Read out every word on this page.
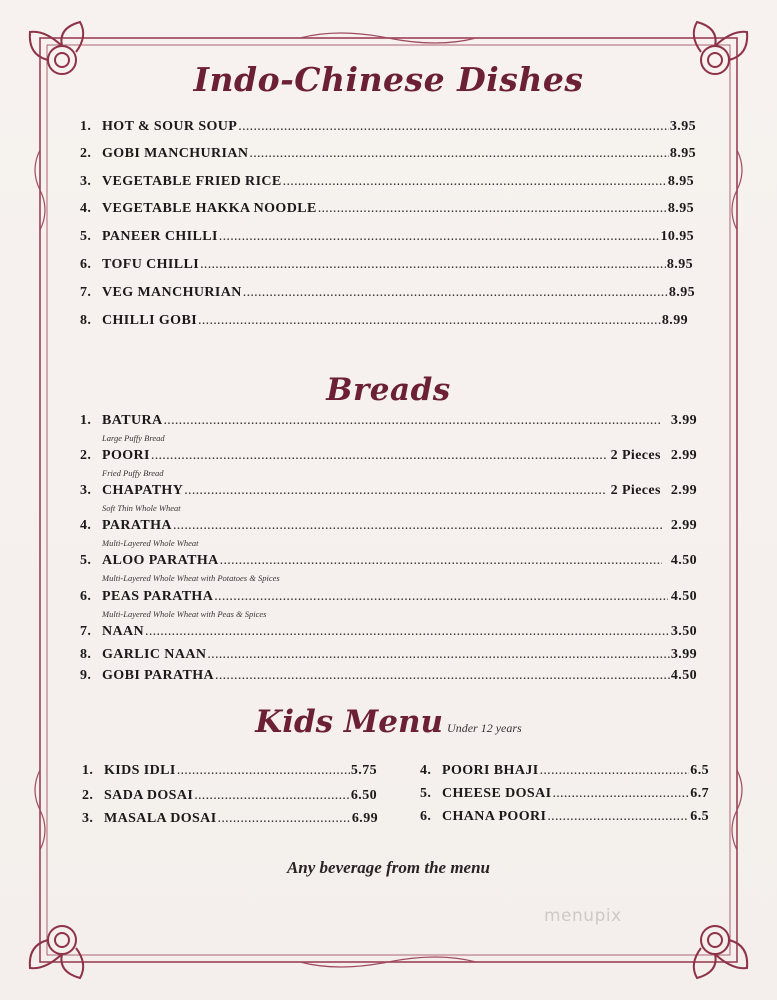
Indo-Chinese Dishes
1. HOT & SOUR SOUP .....	3.95
2. GOBI MANCHURIAN .....	8.95
3. VEGETABLE FRIED RICE .....	8.95
4. VEGETABLE HAKKA NOODLE .....	8.95
5. PANEER CHILLI .....	10.95
6. TOFU CHILLI .....	8.95
7. VEG MANCHURIAN .....	8.95
8. CHILLI GOBI .....	8.99
Breads
1. BATURA .....	3.99
Large Puffy Bread
2. POORI .....	2 Pieces 2.99
Fried Puffy Bread
3. CHAPATHY .....	2 Pieces 2.99
Soft Thin Whole Wheat
4. PARATHA .....	2.99
Multi-Layered Whole Wheat
5. ALOO PARATHA .....	4.50
Multi-Layered Whole Wheat with Potatoes & Spices
6. PEAS PARATHA .....	4.50
Multi-Layered Whole Wheat with Peas & Spices
7. NAAN .....	3.50
8. GARLIC NAAN .....	3.99
9. GOBI PARATHA .....	4.50
Kids Menu Under 12 years
1. KIDS IDLI .....	5.75
2. SADA DOSAI .....	6.50
3. MASALA DOSAI .....	6.99
4. POORI BHAJI .....	6.5
5. CHEESE DOSAI .....	6.7
6. CHANA POORI .....	6.5
Any beverage from the menu
menupix
